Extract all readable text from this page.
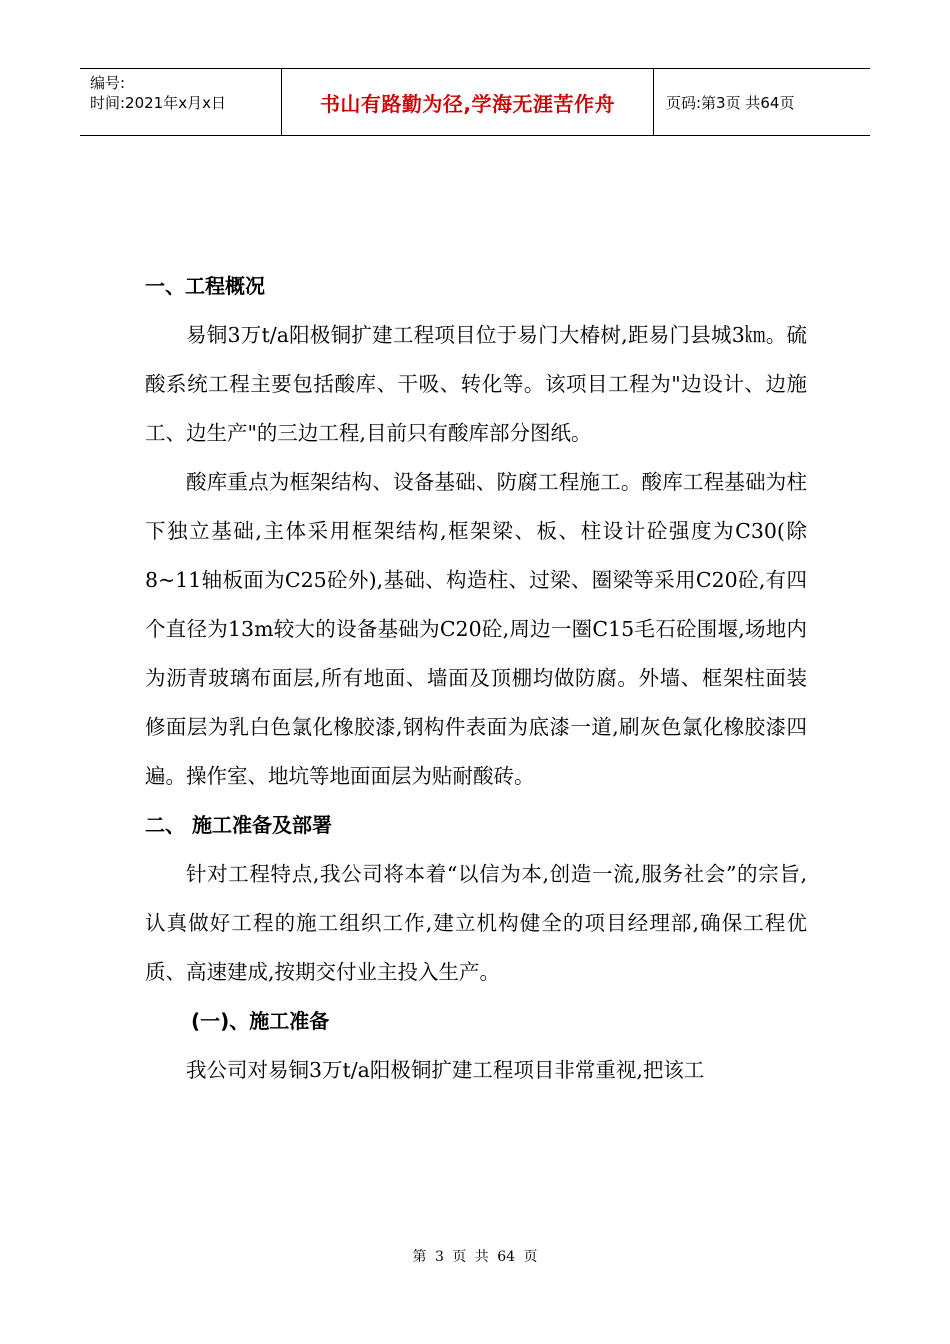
编号:
时间:2021年x月x日	书山有路勤为径,学海无涯苦作舟	页码:第3页 共64页

一、工程概况

易铜3万t/a阳极铜扩建工程项目位于易门大椿树,距易门县城3㎞。硫酸系统工程主要包括酸库、干吸、转化等。该项目工程为"边设计、边施工、边生产"的三边工程,目前只有酸库部分图纸。

酸库重点为框架结构、设备基础、防腐工程施工。酸库工程基础为柱下独立基础,主体采用框架结构,框架梁、板、柱设计砼强度为C30(除8~11轴板面为C25砼外),基础、构造柱、过梁、圈梁等采用C20砼,有四个直径为13m较大的设备基础为C20砼,周边一圈C15毛石砼围堰,场地内为沥青玻璃布面层,所有地面、墙面及顶棚均做防腐。外墙、框架柱面装修面层为乳白色氯化橡胶漆,钢构件表面为底漆一道,刷灰色氯化橡胶漆四遍。操作室、地坑等地面面层为贴耐酸砖。

二、 施工准备及部署

针对工程特点,我公司将本着“以信为本,创造一流,服务社会”的宗旨,认真做好工程的施工组织工作,建立机构健全的项目经理部,确保工程优质、高速建成,按期交付业主投入生产。

(一)、施工准备

我公司对易铜3万t/a阳极铜扩建工程项目非常重视,把该工

第 3 页 共 64 页
